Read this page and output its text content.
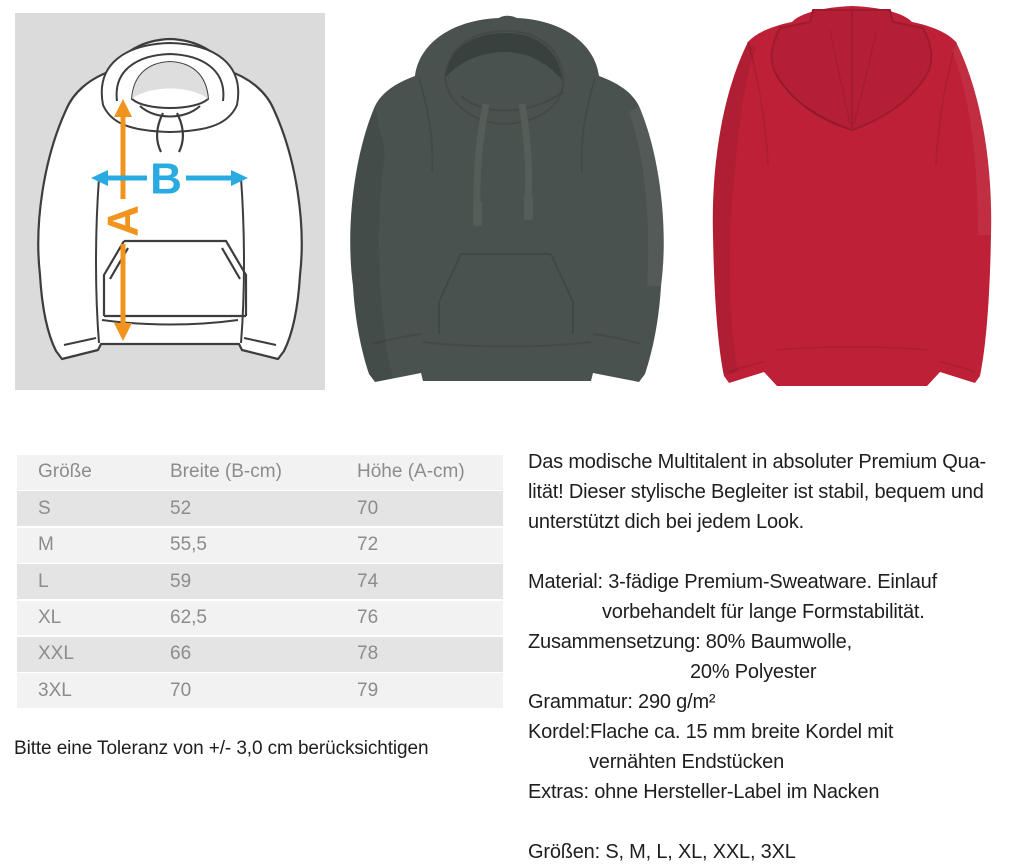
A
B
Größe	Breite (B-cm)	Höhe (A-cm)
S	52	70
M	55,5	72
L	59	74
XL	62,5	76
XXL	66	78
3XL	70	79
Bitte eine Toleranz von +/- 3,0 cm berücksichtigen
Das modische Multitalent in absoluter Premium Qua-
lität! Dieser stylische Begleiter ist stabil, bequem und
unterstützt dich bei jedem Look.
Material: 3-fädige Premium-Sweatware. Einlauf
vorbehandelt für lange Formstabilität.
Zusammensetzung: 80% Baumwolle,
20% Polyester
Grammatur: 290 g/m²
Kordel:Flache ca. 15 mm breite Kordel mit
vernähten Endstücken
Extras: ohne Hersteller-Label im Nacken
Größen: S, M, L, XL, XXL, 3XL
